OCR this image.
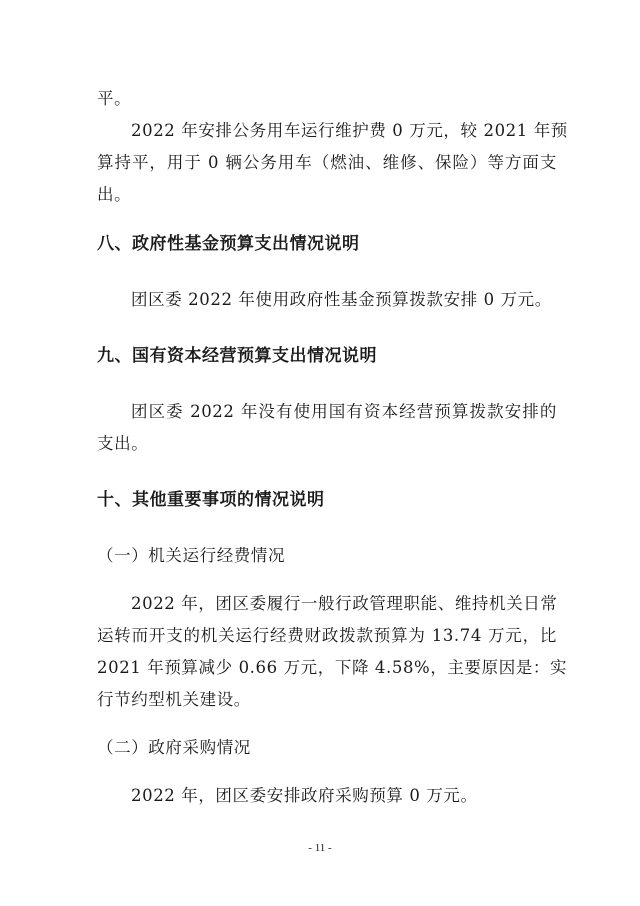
平。
2022 年安排公务用车运行维护费 0 万元，较 2021 年预
算持平，用于 0 辆公务用车（燃油、维修、保险）等方面支
出。
八、政府性基金预算支出情况说明
团区委 2022 年使用政府性基金预算拨款安排 0 万元。
九、国有资本经营预算支出情况说明
团区委 2022 年没有使用国有资本经营预算拨款安排的
支出。
十、其他重要事项的情况说明
（一）机关运行经费情况
2022 年，团区委履行一般行政管理职能、维持机关日常
运转而开支的机关运行经费财政拨款预算为 13.74 万元，比
2021 年预算减少 0.66 万元，下降 4.58%，主要原因是：实
行节约型机关建设。
（二）政府采购情况
2022 年，团区委安排政府采购预算 0 万元。
- 11 -
